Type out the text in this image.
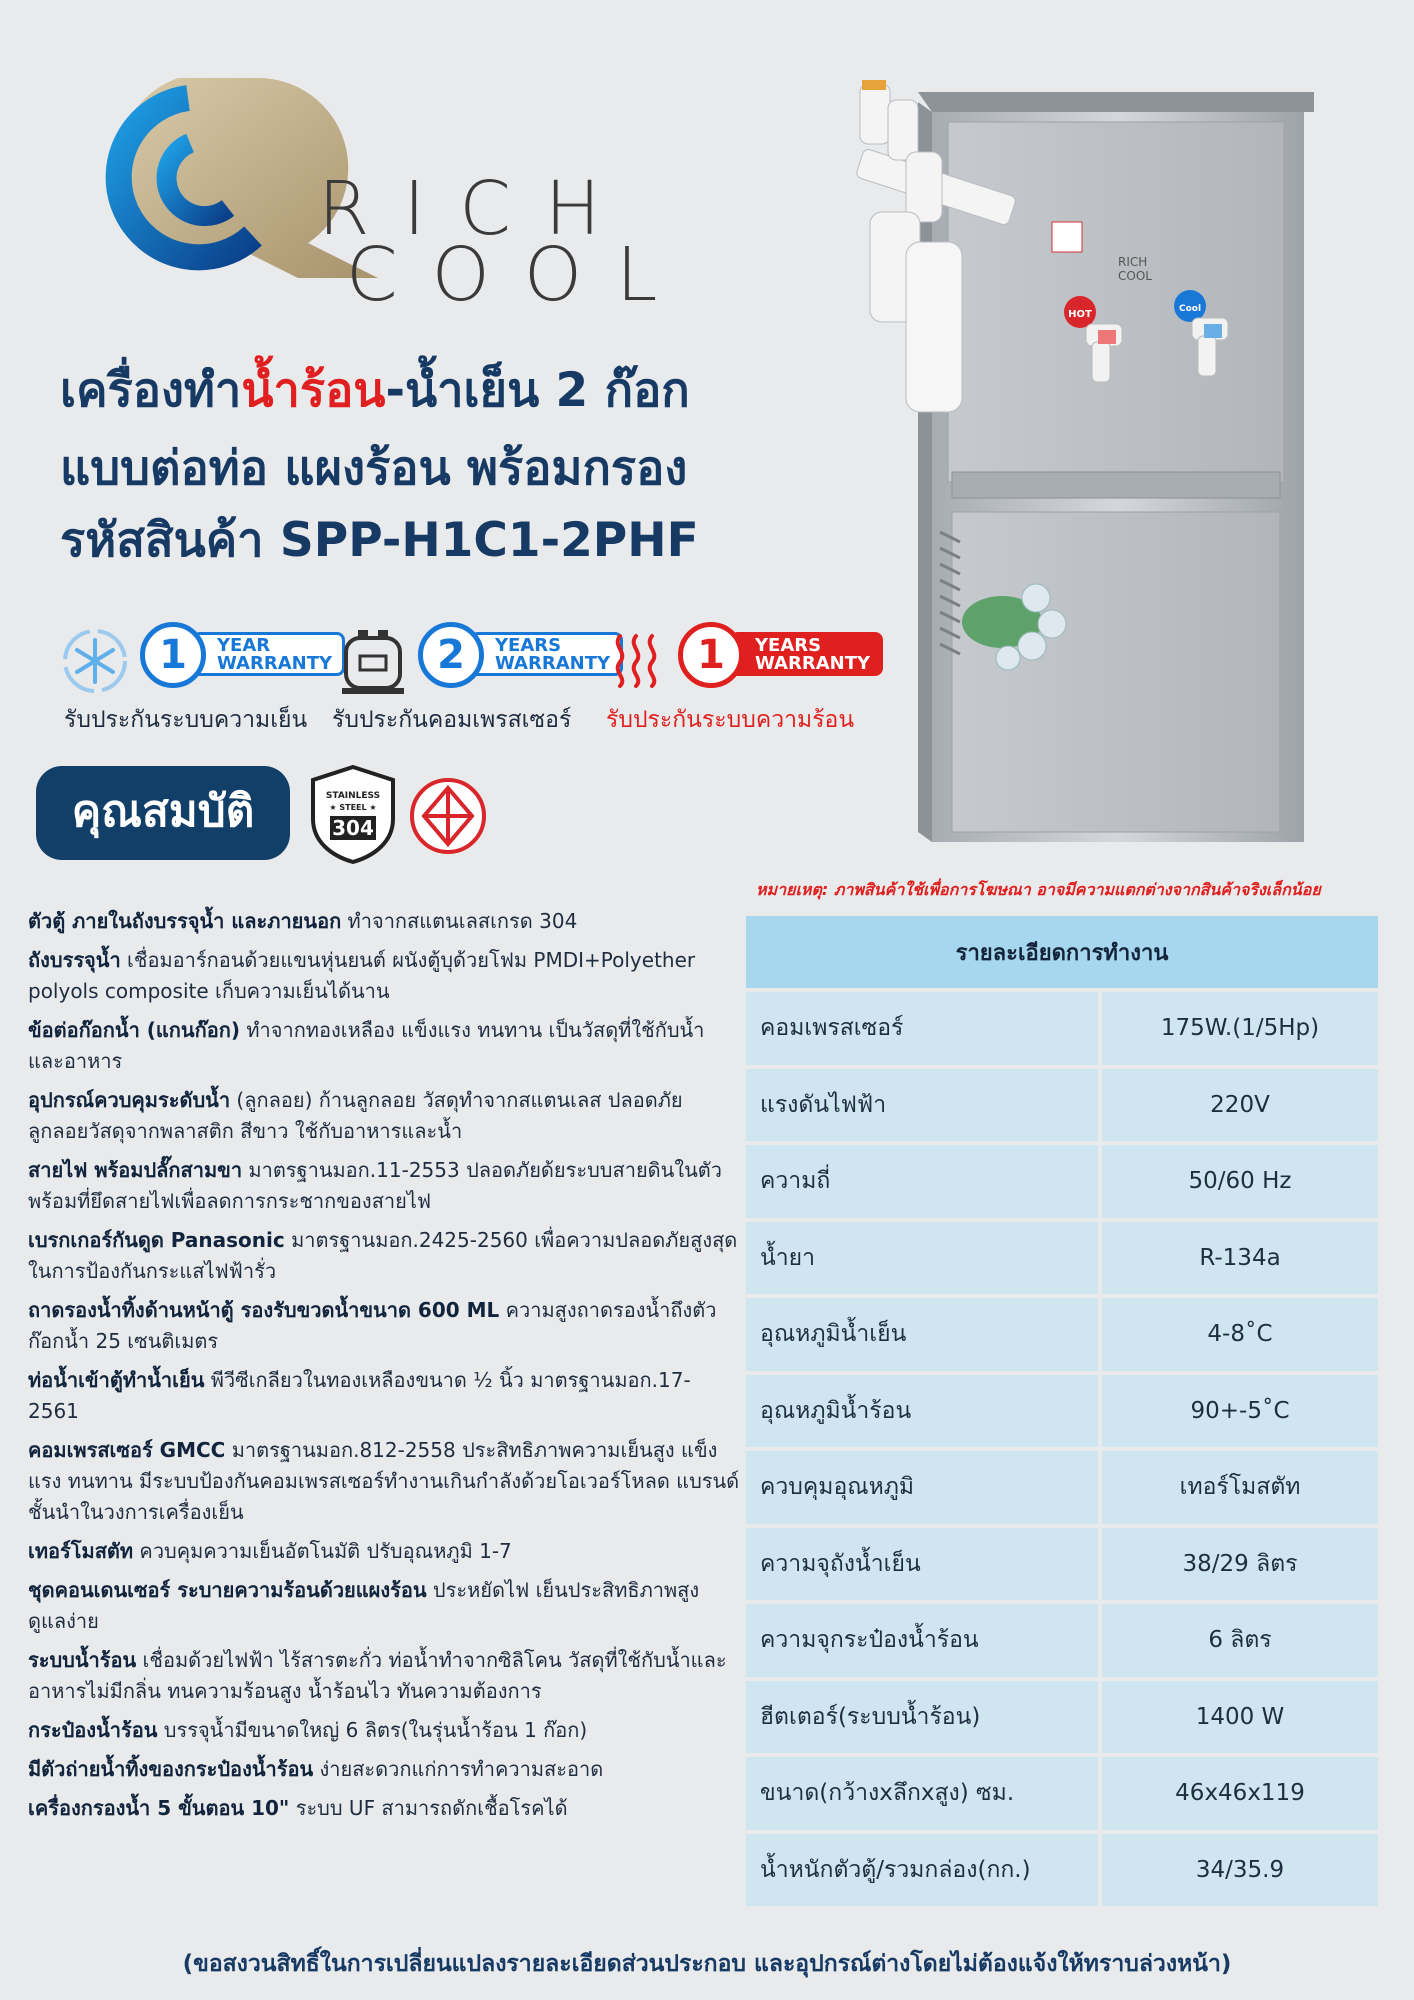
RICH
COOL
เครื่องทำน้ำร้อน-น้ำเย็น 2 ก๊อก
แบบต่อท่อ แผงร้อน พร้อมกรอง
รหัสสินค้า SPP-H1C1-2PHF
YEAR
WARRANTY
1
รับประกันระบบความเย็น
YEARS
WARRANTY
2
รับประกันคอมเพรสเซอร์
YEARS
WARRANTY
1
รับประกันระบบความร้อน
คุณสมบัติ	STAINLESS
★ STEEL ★
304
RICH
COOL
HOT	Cool
หมายเหตุ: ภาพสินค้าใช้เพื่อการโฆษณา อาจมีความแตกต่างจากสินค้าจริงเล็กน้อย
ตัวตู้ ภายในถังบรรจุน้ำ และภายนอก ทำจากสแตนเลสเกรด 304
ถังบรรจุน้ำ เชื่อมอาร์กอนด้วยแขนหุ่นยนต์ ผนังตู้บุด้วยโฟม PMDI+Polyether polyols composite เก็บความเย็นได้นาน
ข้อต่อก๊อกน้ำ (แกนก๊อก) ทำจากทองเหลือง แข็งแรง ทนทาน เป็นวัสดุที่ใช้กับน้ำและอาหาร
อุปกรณ์ควบคุมระดับน้ำ (ลูกลอย) ก้านลูกลอย วัสดุทำจากสแตนเลส ปลอดภัย ลูกลอยวัสดุจากพลาสติก สีขาว ใช้กับอาหารและน้ำ
สายไฟ พร้อมปลั๊กสามขา มาตรฐานมอก.11-2553 ปลอดภัยด้ยระบบสายดินในตัว พร้อมที่ยึดสายไฟเพื่อลดการกระชากของสายไฟ
เบรกเกอร์กันดูด Panasonic มาตรฐานมอก.2425-2560 เพื่อความปลอดภัยสูงสุดในการป้องกันกระแสไฟฟ้ารั่ว
ถาดรองน้ำทิ้งด้านหน้าตู้ รองรับขวดน้ำขนาด 600 ML ความสูงถาดรองน้ำถึงตัวก๊อกน้ำ 25 เซนติเมตร
ท่อน้ำเข้าตู้ทำน้ำเย็น พีวีซีเกลียวในทองเหลืองขนาด ½ นิ้ว มาตรฐานมอก.17-2561
คอมเพรสเซอร์ GMCC มาตรฐานมอก.812-2558 ประสิทธิภาพความเย็นสูง แข็งแรง ทนทาน มีระบบป้องกันคอมเพรสเซอร์ทำงานเกินกำลังด้วยโอเวอร์โหลด แบรนด์ชั้นนำในวงการเครื่องเย็น
เทอร์โมสตัท ควบคุมความเย็นอัตโนมัติ ปรับอุณหภูมิ 1-7
ชุดคอนเดนเซอร์ ระบายความร้อนด้วยแผงร้อน ประหยัดไฟ เย็นประสิทธิภาพสูง ดูแลง่าย
ระบบน้ำร้อน เชื่อมด้วยไฟฟ้า ไร้สารตะกั่ว ท่อน้ำทำจากซิลิโคน วัสดุที่ใช้กับน้ำและอาหารไม่มีกลิ่น ทนความร้อนสูง น้ำร้อนไว ทันความต้องการ
กระป๋องน้ำร้อน บรรจุน้ำมีขนาดใหญ่ 6 ลิตร(ในรุ่นน้ำร้อน 1 ก๊อก)
มีตัวถ่ายน้ำทิ้งของกระป๋องน้ำร้อน ง่ายสะดวกแก่การทำความสะอาด
เครื่องกรองน้ำ 5 ขั้นตอน 10" ระบบ UF สามารถดักเชื้อโรคได้
รายละเอียดการทำงาน	
คอมเพรสเซอร์	175W.(1/5Hp)
แรงดันไฟฟ้า	220V
ความถี่	50/60 Hz
น้ำยา	R-134a
อุณหภูมิน้ำเย็น	4-8˚C
อุณหภูมิน้ำร้อน	90+-5˚C
ควบคุมอุณหภูมิ	เทอร์โมสตัท
ความจุถังน้ำเย็น	38/29 ลิตร
ความจุกระป๋องน้ำร้อน	6 ลิตร
ฮีตเตอร์(ระบบน้ำร้อน)	1400 W
ขนาด(กว้างxลึกxสูง) ซม.	46x46x119
น้ำหนักตัวตู้/รวมกล่อง(กก.)	34/35.9
(ขอสงวนสิทธิ์ในการเปลี่ยนแปลงรายละเอียดส่วนประกอบ และอุปกรณ์ต่างโดยไม่ต้องแจ้งให้ทราบล่วงหน้า)
